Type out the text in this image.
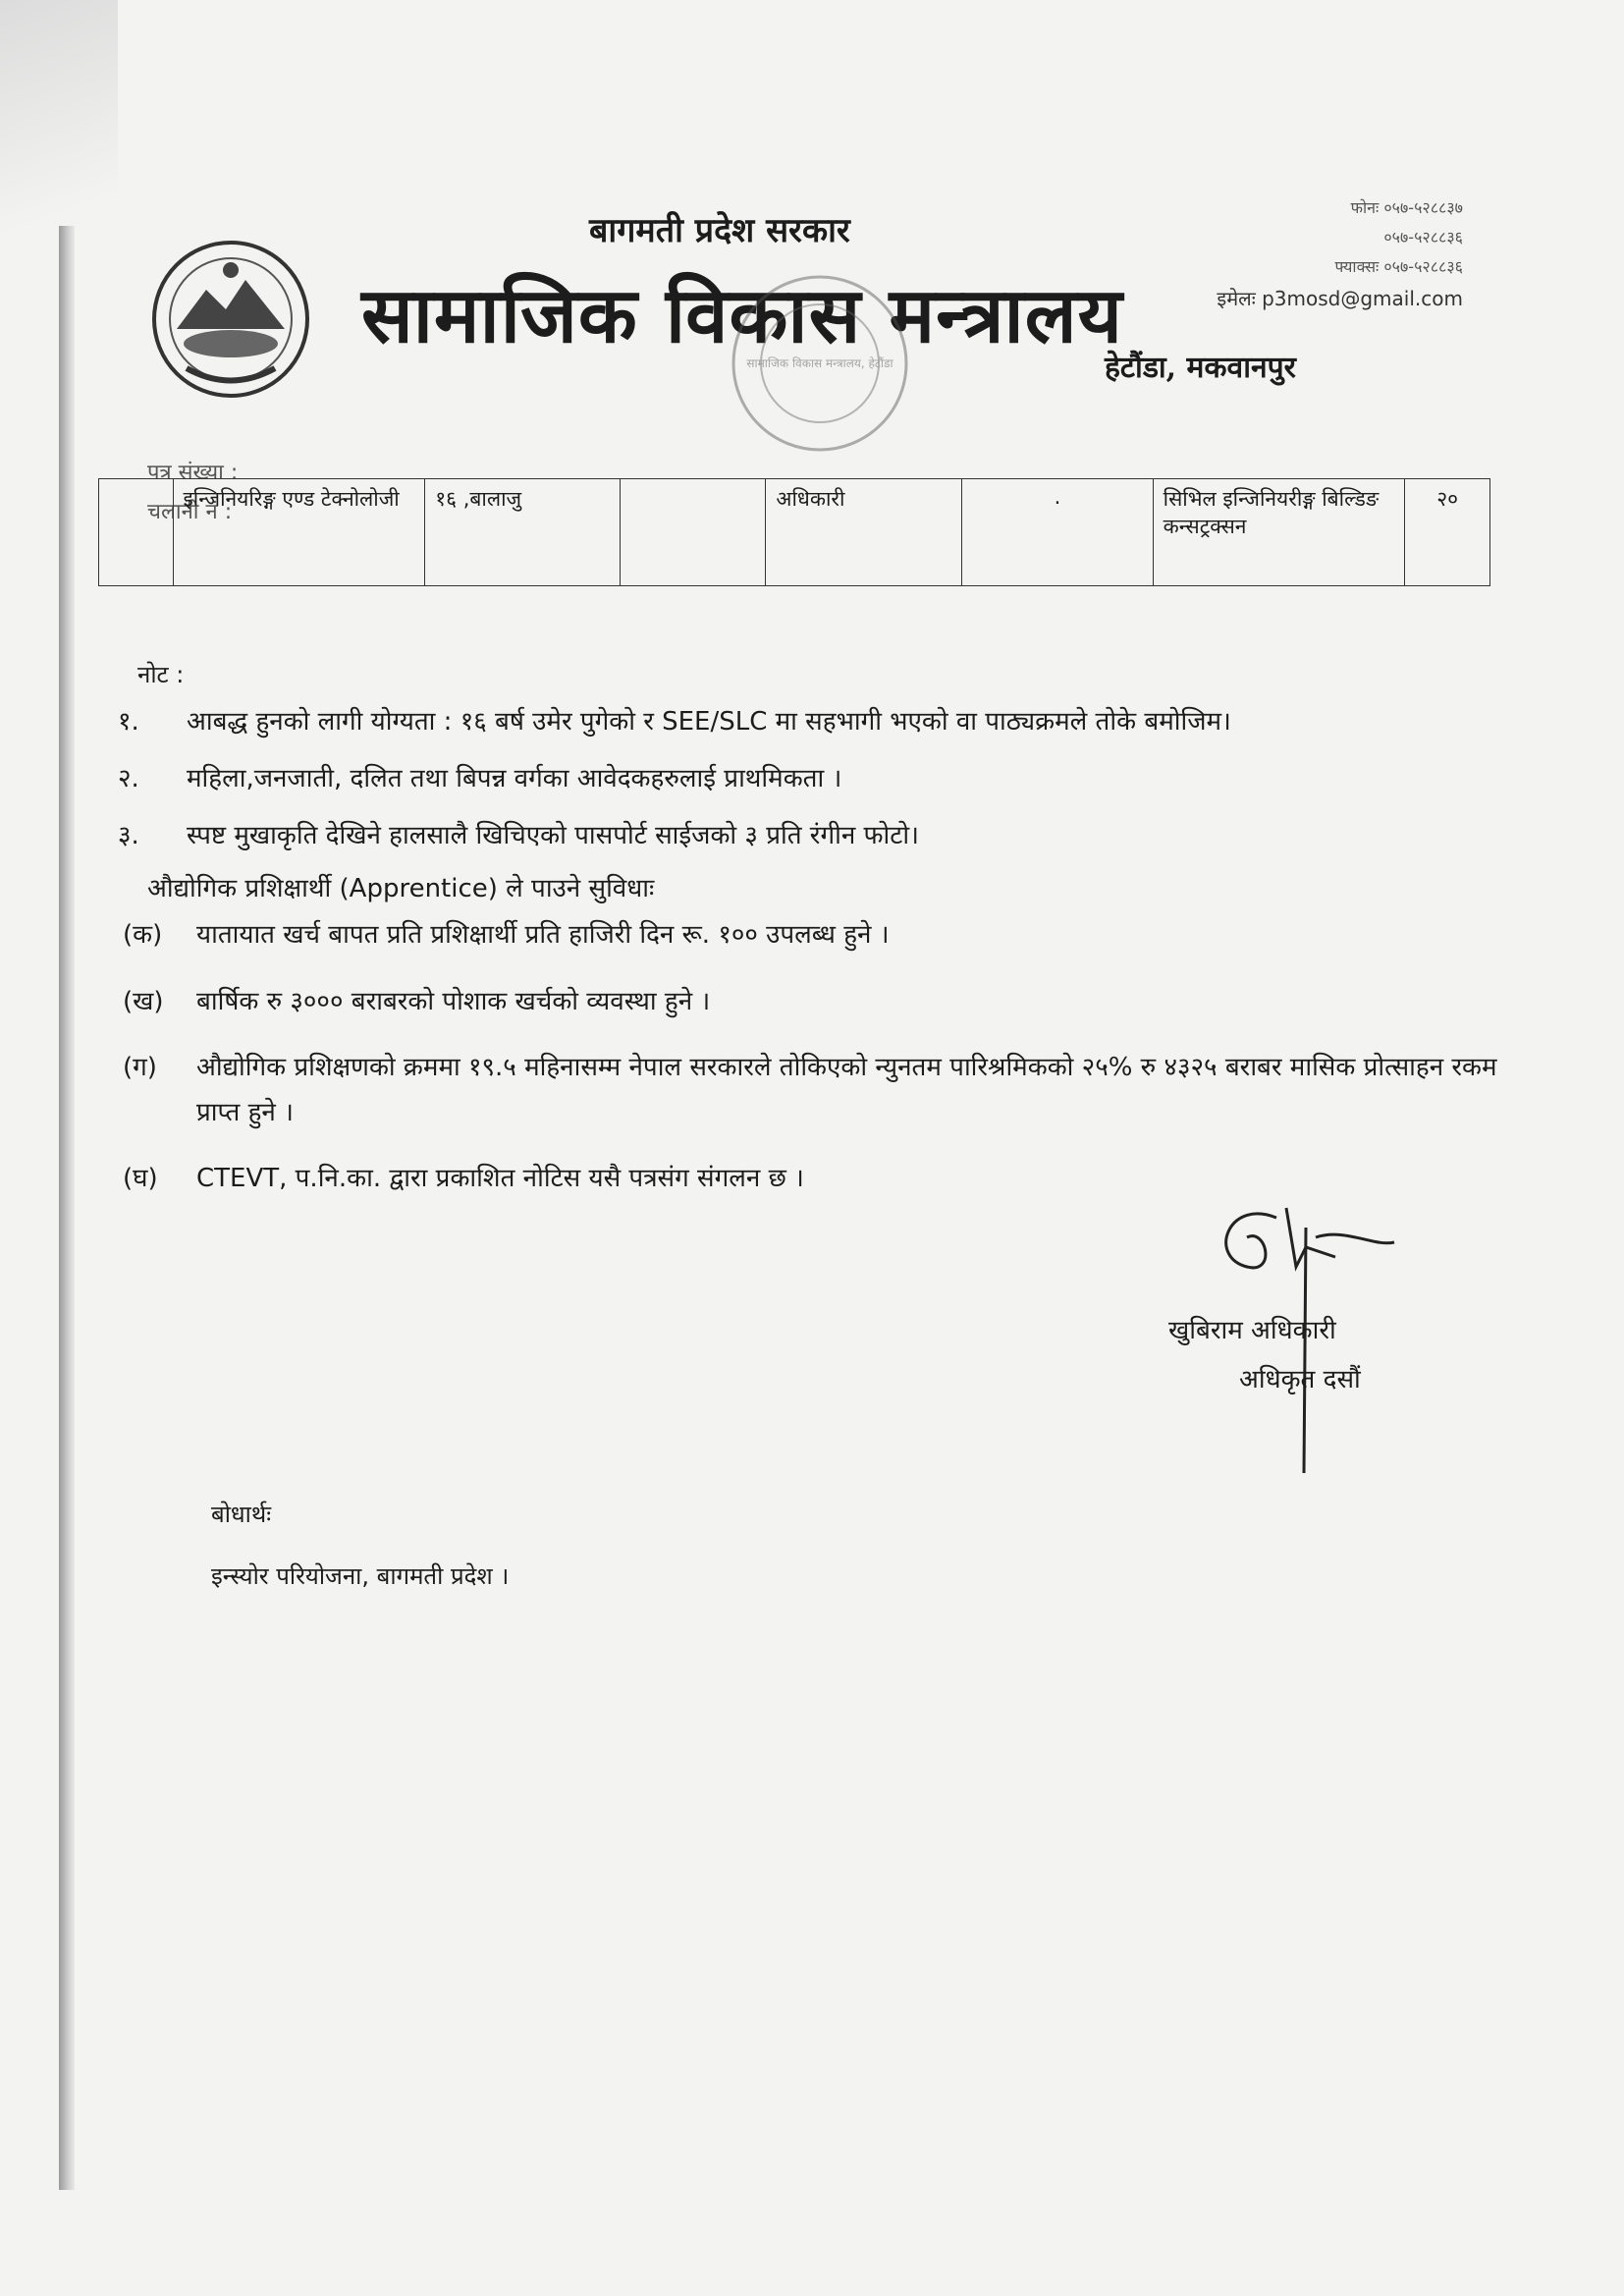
बागमती प्रदेश सरकार
सामाजिक विकास मन्त्रालय
हेटौंडा, मकवानपुर
फोनः ०५७-५२८८३७
०५७-५२८८३६
फ्याक्सः ०५७-५२८८३६
इमेलः p3mosd@gmail.com
सामाजिक विकास मन्त्रालय, हेटौंडा
पत्र संख्या :
चलानी नं :
	इन्जिनियरिङ्ग एण्ड टेक्नोलोजी	१६ ,बालाजु		अधिकारी	.	सिभिल इन्जिनियरीङ्ग बिल्डिङ कन्सट्रक्सन	२०
नोट :
१.	आबद्ध हुनको लागी योग्यता : १६ बर्ष उमेर पुगेको र SEE/SLC मा सहभागी भएको वा पाठ्यक्रमले तोके बमोजिम।
२.	महिला,जनजाती, दलित तथा बिपन्न वर्गका आवेदकहरुलाई प्राथमिकता ।
३.	स्पष्ट मुखाकृति देखिने हालसालै खिचिएको पासपोर्ट साईजको ३ प्रति रंगीन फोटो।
औद्योगिक प्रशिक्षार्थी (Apprentice) ले पाउने सुविधाः
(क)	यातायात खर्च बापत प्रति प्रशिक्षार्थी प्रति हाजिरी दिन रू. १०० उपलब्ध हुने ।
(ख)	बार्षिक रु ३००० बराबरको पोशाक खर्चको व्यवस्था हुने ।
(ग)	औद्योगिक प्रशिक्षणको क्रममा १९.५ महिनासम्म नेपाल सरकारले तोकिएको न्युनतम पारिश्रमिकको २५% रु ४३२५ बराबर मासिक प्रोत्साहन रकम प्राप्त हुने ।
(घ)	CTEVT, प.नि.का. द्वारा प्रकाशित नोटिस यसै पत्रसंग संगलन छ ।
खुबिराम अधिकारी
अधिकृत दसौं
बोधार्थः
इन्स्योर परियोजना, बागमती प्रदेश ।
